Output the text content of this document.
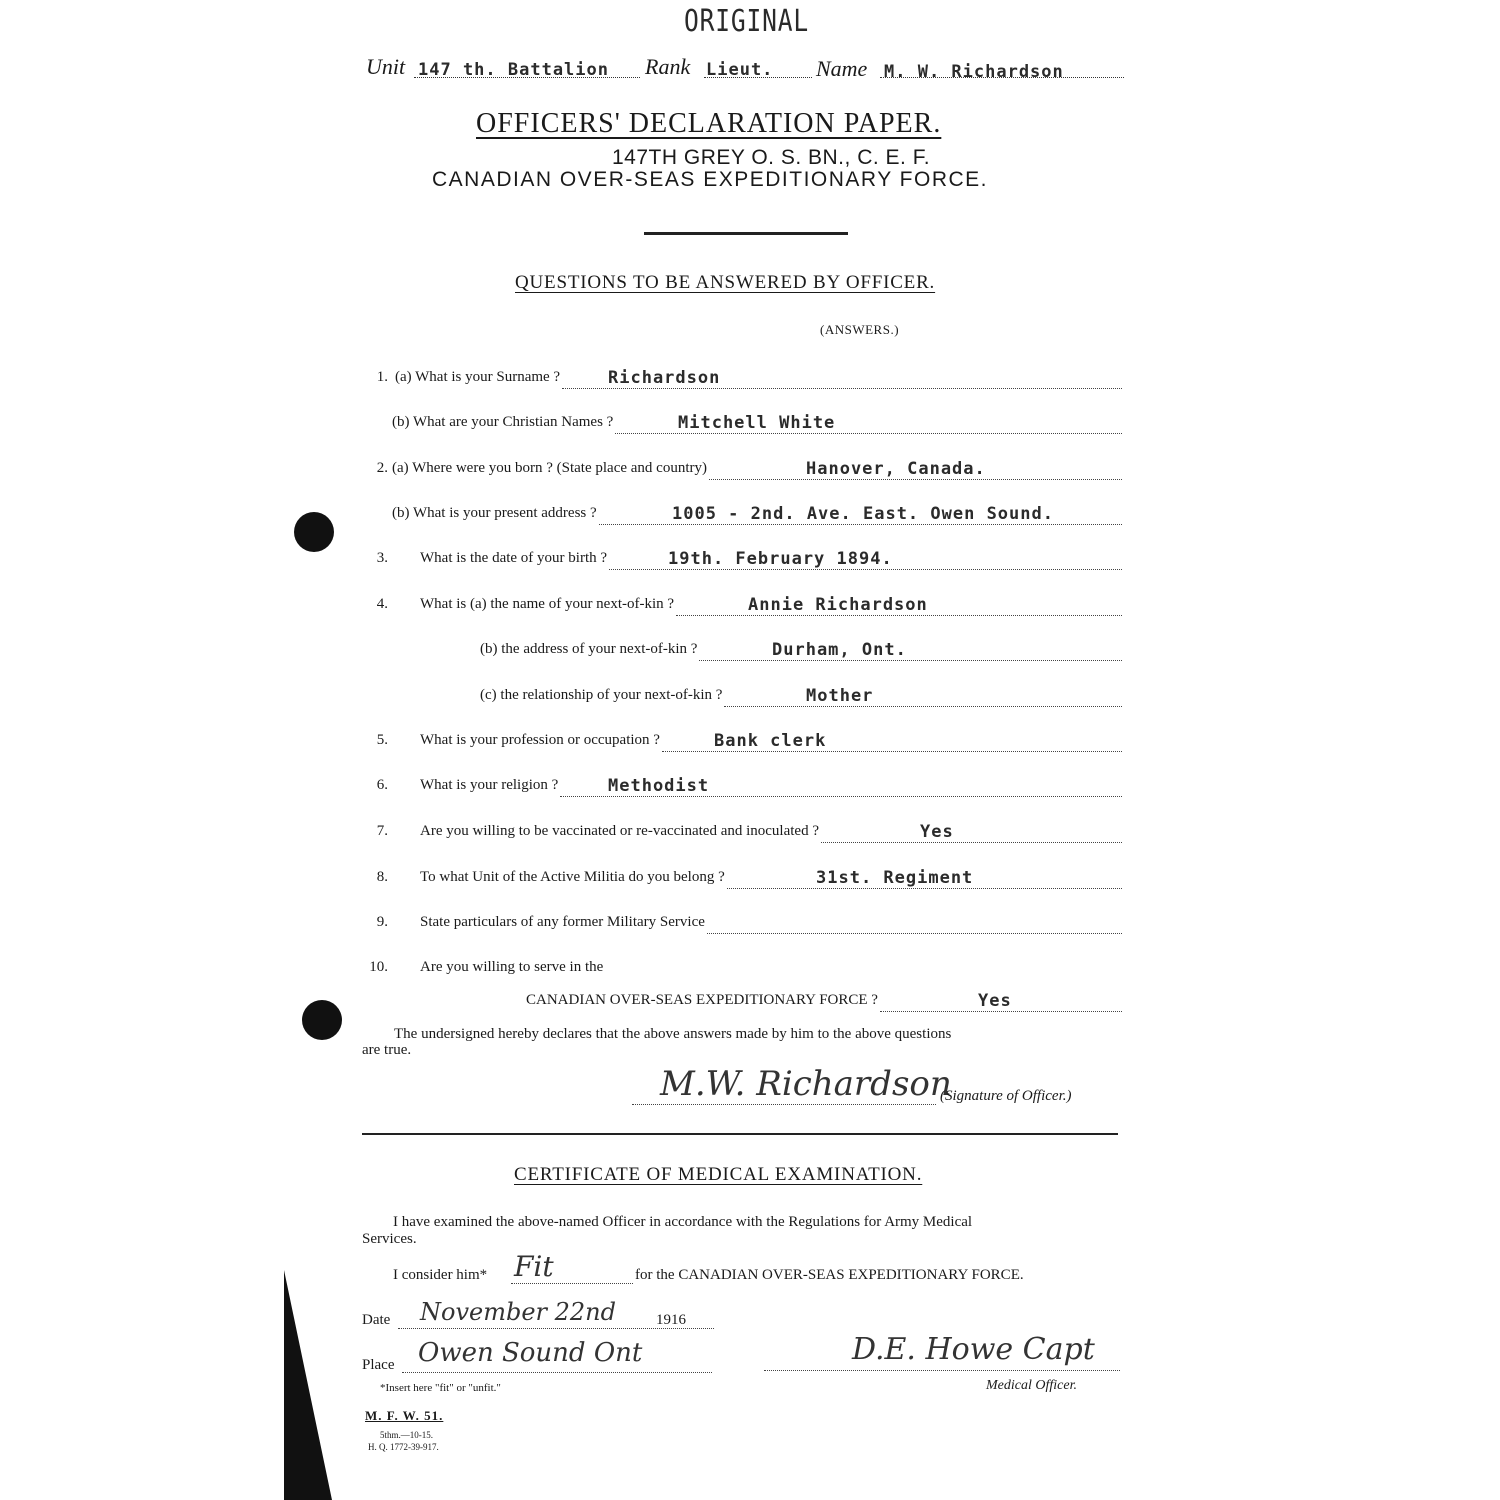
ORIGINAL
Unit 147 th. Battalion Rank Lieut. Name M. W. Richardson
OFFICERS' DECLARATION PAPER.
147TH GREY O. S. BN., C. E. F.
CANADIAN OVER-SEAS EXPEDITIONARY FORCE.
QUESTIONS TO BE ANSWERED BY OFFICER.
(ANSWERS.)
1. (a) What is your Surname ?	Richardson
(b) What are your Christian Names ?	Mitchell White
2. (a) Where were you born ? (State place and country)	Hanover, Canada.
(b) What is your present address ?	1005 - 2nd. Ave. East. Owen Sound.
3. What is the date of your birth ?	19th. February 1894.
4. What is (a) the name of your next-of-kin ?	Annie Richardson
(b) the address of your next-of-kin ?	Durham, Ont.
(c) the relationship of your next-of-kin ?	Mother
5. What is your profession or occupation ?	Bank clerk
6. What is your religion ?	Methodist
7. Are you willing to be vaccinated or re-vaccinated and inoculated ?	Yes
8. To what Unit of the Active Militia do you belong ?	31st. Regiment
9. State particulars of any former Military Service
10. Are you willing to serve in the
CANADIAN OVER-SEAS EXPEDITIONARY FORCE ?	Yes
The undersigned hereby declares that the above answers made by him to the above questions
are true.
M.W. Richardson
(Signature of Officer.)
CERTIFICATE OF MEDICAL EXAMINATION.
I have examined the above-named Officer in accordance with the Regulations for Army Medical
Services.
I consider him* Fit	for the CANADIAN OVER-SEAS EXPEDITIONARY FORCE.
Date November 22nd	1916
Place Owen Sound Ont	D.E. Howe Capt
Medical Officer.
*Insert here "fit" or "unfit."
M. F. W. 51.
5thm.—10-15.
H. Q. 1772-39-917.
